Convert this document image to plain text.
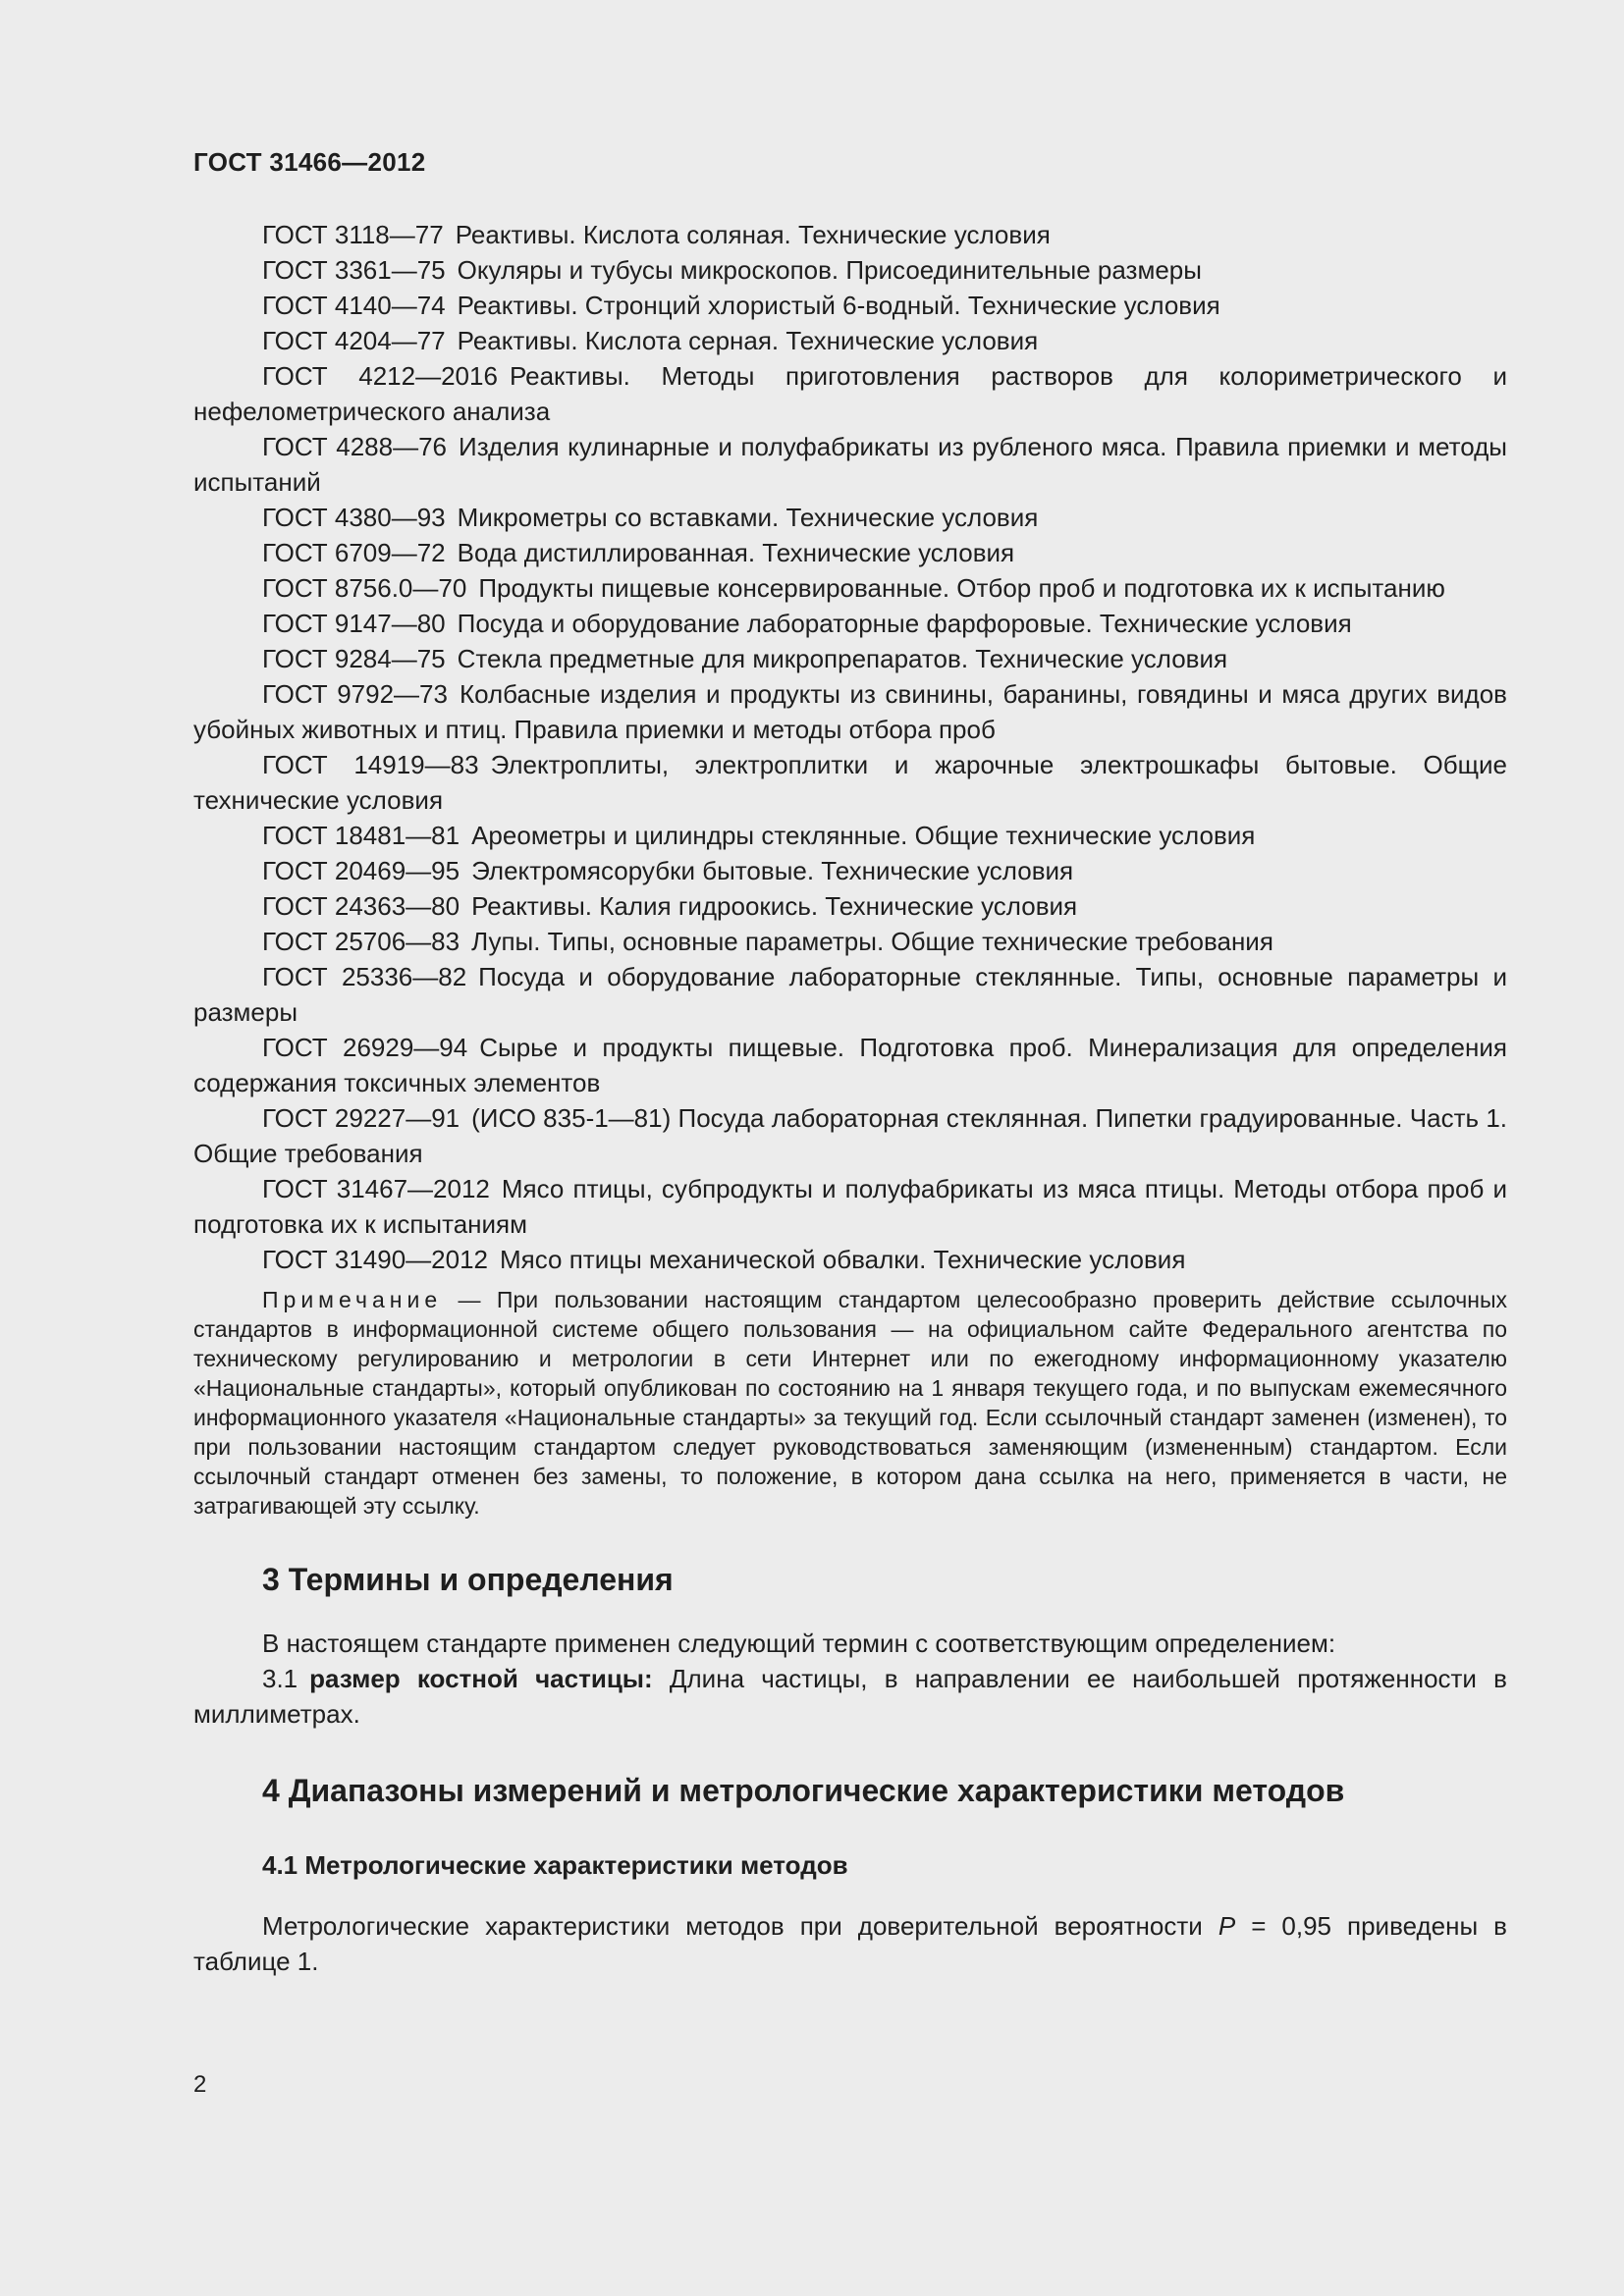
ГОСТ 31466—2012

ГОСТ 3118—77 Реактивы. Кислота соляная. Технические условия

ГОСТ 3361—75 Окуляры и тубусы микроскопов. Присоединительные размеры

ГОСТ 4140—74 Реактивы. Стронций хлористый 6-водный. Технические условия

ГОСТ 4204—77 Реактивы. Кислота серная. Технические условия

ГОСТ 4212—2016 Реактивы. Методы приготовления растворов для колориметрического и нефелометрического анализа

ГОСТ 4288—76 Изделия кулинарные и полуфабрикаты из рубленого мяса. Правила приемки и методы испытаний

ГОСТ 4380—93 Микрометры со вставками. Технические условия

ГОСТ 6709—72 Вода дистиллированная. Технические условия

ГОСТ 8756.0—70 Продукты пищевые консервированные. Отбор проб и подготовка их к испытанию

ГОСТ 9147—80 Посуда и оборудование лабораторные фарфоровые. Технические условия

ГОСТ 9284—75 Стекла предметные для микропрепаратов. Технические условия

ГОСТ 9792—73 Колбасные изделия и продукты из свинины, баранины, говядины и мяса других видов убойных животных и птиц. Правила приемки и методы отбора проб

ГОСТ 14919—83 Электроплиты, электроплитки и жарочные электрошкафы бытовые. Общие технические условия

ГОСТ 18481—81 Ареометры и цилиндры стеклянные. Общие технические условия

ГОСТ 20469—95 Электромясорубки бытовые. Технические условия

ГОСТ 24363—80 Реактивы. Калия гидроокись. Технические условия

ГОСТ 25706—83 Лупы. Типы, основные параметры. Общие технические требования

ГОСТ 25336—82 Посуда и оборудование лабораторные стеклянные. Типы, основные параметры и размеры

ГОСТ 26929—94 Сырье и продукты пищевые. Подготовка проб. Минерализация для определения содержания токсичных элементов

ГОСТ 29227—91 (ИСО 835-1—81) Посуда лабораторная стеклянная. Пипетки градуированные. Часть 1. Общие требования

ГОСТ 31467—2012 Мясо птицы, субпродукты и полуфабрикаты из мяса птицы. Методы отбора проб и подготовка их к испытаниям

ГОСТ 31490—2012 Мясо птицы механической обвалки. Технические условия

Примечание — При пользовании настоящим стандартом целесообразно проверить действие ссылочных стандартов в информационной системе общего пользования — на официальном сайте Федерального агентства по техническому регулированию и метрологии в сети Интернет или по ежегодному информационному указателю «Национальные стандарты», который опубликован по состоянию на 1 января текущего года, и по выпускам ежемесячного информационного указателя «Национальные стандарты» за текущий год. Если ссылочный стандарт заменен (изменен), то при пользовании настоящим стандартом следует руководствоваться заменяющим (измененным) стандартом. Если ссылочный стандарт отменен без замены, то положение, в котором дана ссылка на него, применяется в части, не затрагивающей эту ссылку.

3 Термины и определения

В настоящем стандарте применен следующий термин с соответствующим определением:

3.1 размер костной частицы: Длина частицы, в направлении ее наибольшей протяженности в миллиметрах.

4 Диапазоны измерений и метрологические характеристики методов
4.1 Метрологические характеристики методов

Метрологические характеристики методов при доверительной вероятности P = 0,95 приведены в таблице 1.

2
